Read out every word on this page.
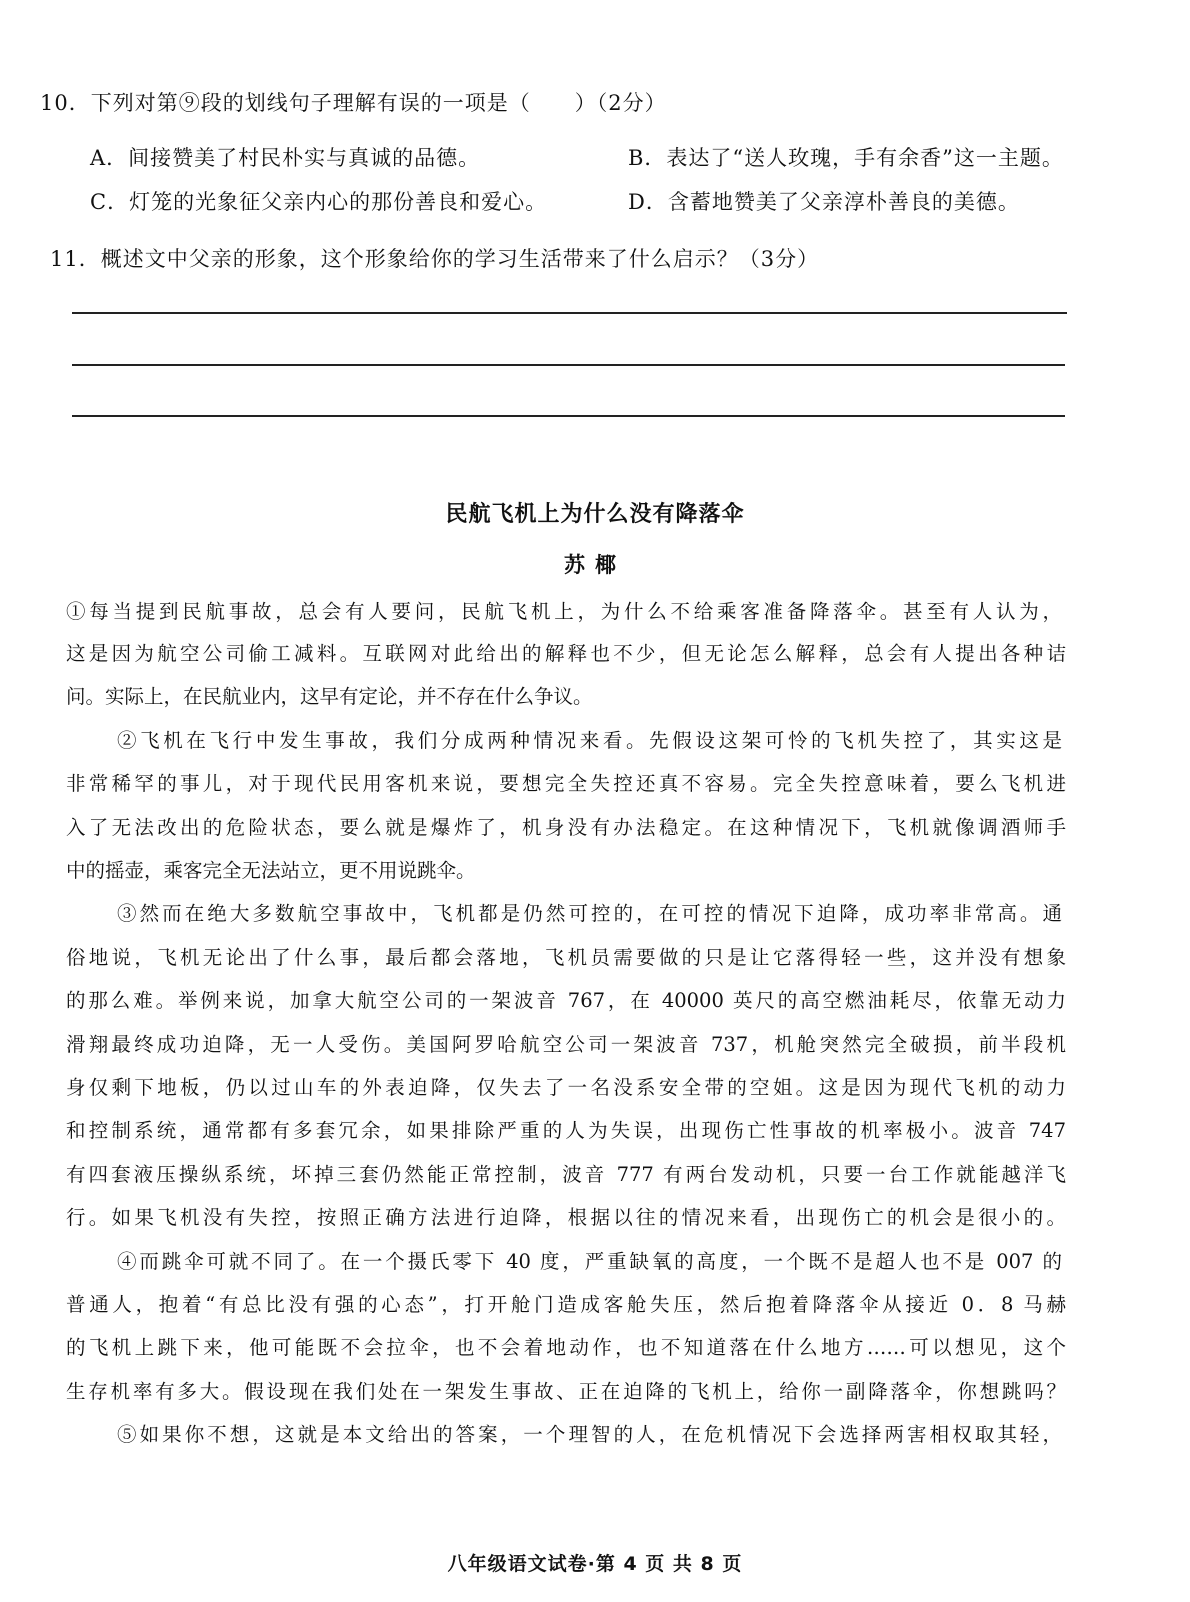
10．下列对第⑨段的划线句子理解有误的一项是（　　）（2分）
A．间接赞美了村民朴实与真诚的品德。	B．表达了“送人玫瑰，手有余香”这一主题。
C．灯笼的光象征父亲内心的那份善良和爱心。	D．含蓄地赞美了父亲淳朴善良的美德。
11．概述文中父亲的形象，这个形象给你的学习生活带来了什么启示？（3分）
民航飞机上为什么没有降落伞
苏椰
①每当提到民航事故，总会有人要问，民航飞机上，为什么不给乘客准备降落伞。甚至有人认为，
这是因为航空公司偷工减料。互联网对此给出的解释也不少，但无论怎么解释，总会有人提出各种诘
问。实际上，在民航业内，这早有定论，并不存在什么争议。
②飞机在飞行中发生事故，我们分成两种情况来看。先假设这架可怜的飞机失控了，其实这是
非常稀罕的事儿，对于现代民用客机来说，要想完全失控还真不容易。完全失控意味着，要么飞机进
入了无法改出的危险状态，要么就是爆炸了，机身没有办法稳定。在这种情况下，飞机就像调酒师手
中的摇壶，乘客完全无法站立，更不用说跳伞。
③然而在绝大多数航空事故中，飞机都是仍然可控的，在可控的情况下迫降，成功率非常高。通
俗地说，飞机无论出了什么事，最后都会落地，飞机员需要做的只是让它落得轻一些，这并没有想象
的那么难。举例来说，加拿大航空公司的一架波音 767，在 40000 英尺的高空燃油耗尽，依靠无动力
滑翔最终成功迫降，无一人受伤。美国阿罗哈航空公司一架波音 737，机舱突然完全破损，前半段机
身仅剩下地板，仍以过山车的外表迫降，仅失去了一名没系安全带的空姐。这是因为现代飞机的动力
和控制系统，通常都有多套冗余，如果排除严重的人为失误，出现伤亡性事故的机率极小。波音 747
有四套液压操纵系统，坏掉三套仍然能正常控制，波音 777 有两台发动机，只要一台工作就能越洋飞
行。如果飞机没有失控，按照正确方法进行迫降，根据以往的情况来看，出现伤亡的机会是很小的。
④而跳伞可就不同了。在一个摄氏零下 40 度，严重缺氧的高度，一个既不是超人也不是 007 的
普通人，抱着“有总比没有强的心态”，打开舱门造成客舱失压，然后抱着降落伞从接近 0．8 马赫
的飞机上跳下来，他可能既不会拉伞，也不会着地动作，也不知道落在什么地方……可以想见，这个
生存机率有多大。假设现在我们处在一架发生事故、正在迫降的飞机上，给你一副降落伞，你想跳吗？
⑤如果你不想，这就是本文给出的答案，一个理智的人，在危机情况下会选择两害相权取其轻，
八年级语文试卷·第 4 页 共 8 页
